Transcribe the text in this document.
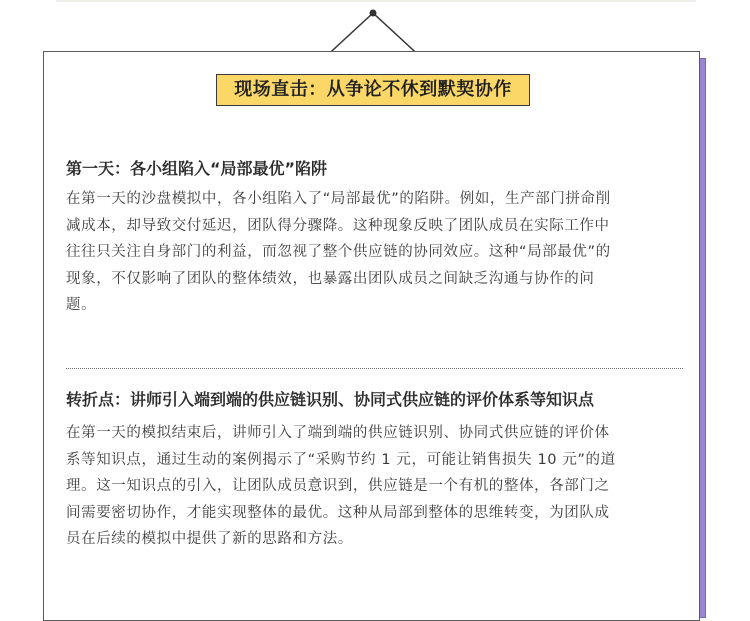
现场直击：从争论不休到默契协作
第一天：各小组陷入“局部最优”陷阱
在第一天的沙盘模拟中，各小组陷入了“局部最优”的陷阱。例如，生产部门拼命削
减成本，却导致交付延迟，团队得分骤降。这种现象反映了团队成员在实际工作中
往往只关注自身部门的利益，而忽视了整个供应链的协同效应。这种“局部最优”的
现象，不仅影响了团队的整体绩效，也暴露出团队成员之间缺乏沟通与协作的问
题。
转折点：讲师引入端到端的供应链识别、协同式供应链的评价体系等知识点
在第一天的模拟结束后，讲师引入了端到端的供应链识别、协同式供应链的评价体
系等知识点，通过生动的案例揭示了“采购节约 1 元，可能让销售损失 10 元”的道
理。这一知识点的引入，让团队成员意识到，供应链是一个有机的整体，各部门之
间需要密切协作，才能实现整体的最优。这种从局部到整体的思维转变，为团队成
员在后续的模拟中提供了新的思路和方法。
